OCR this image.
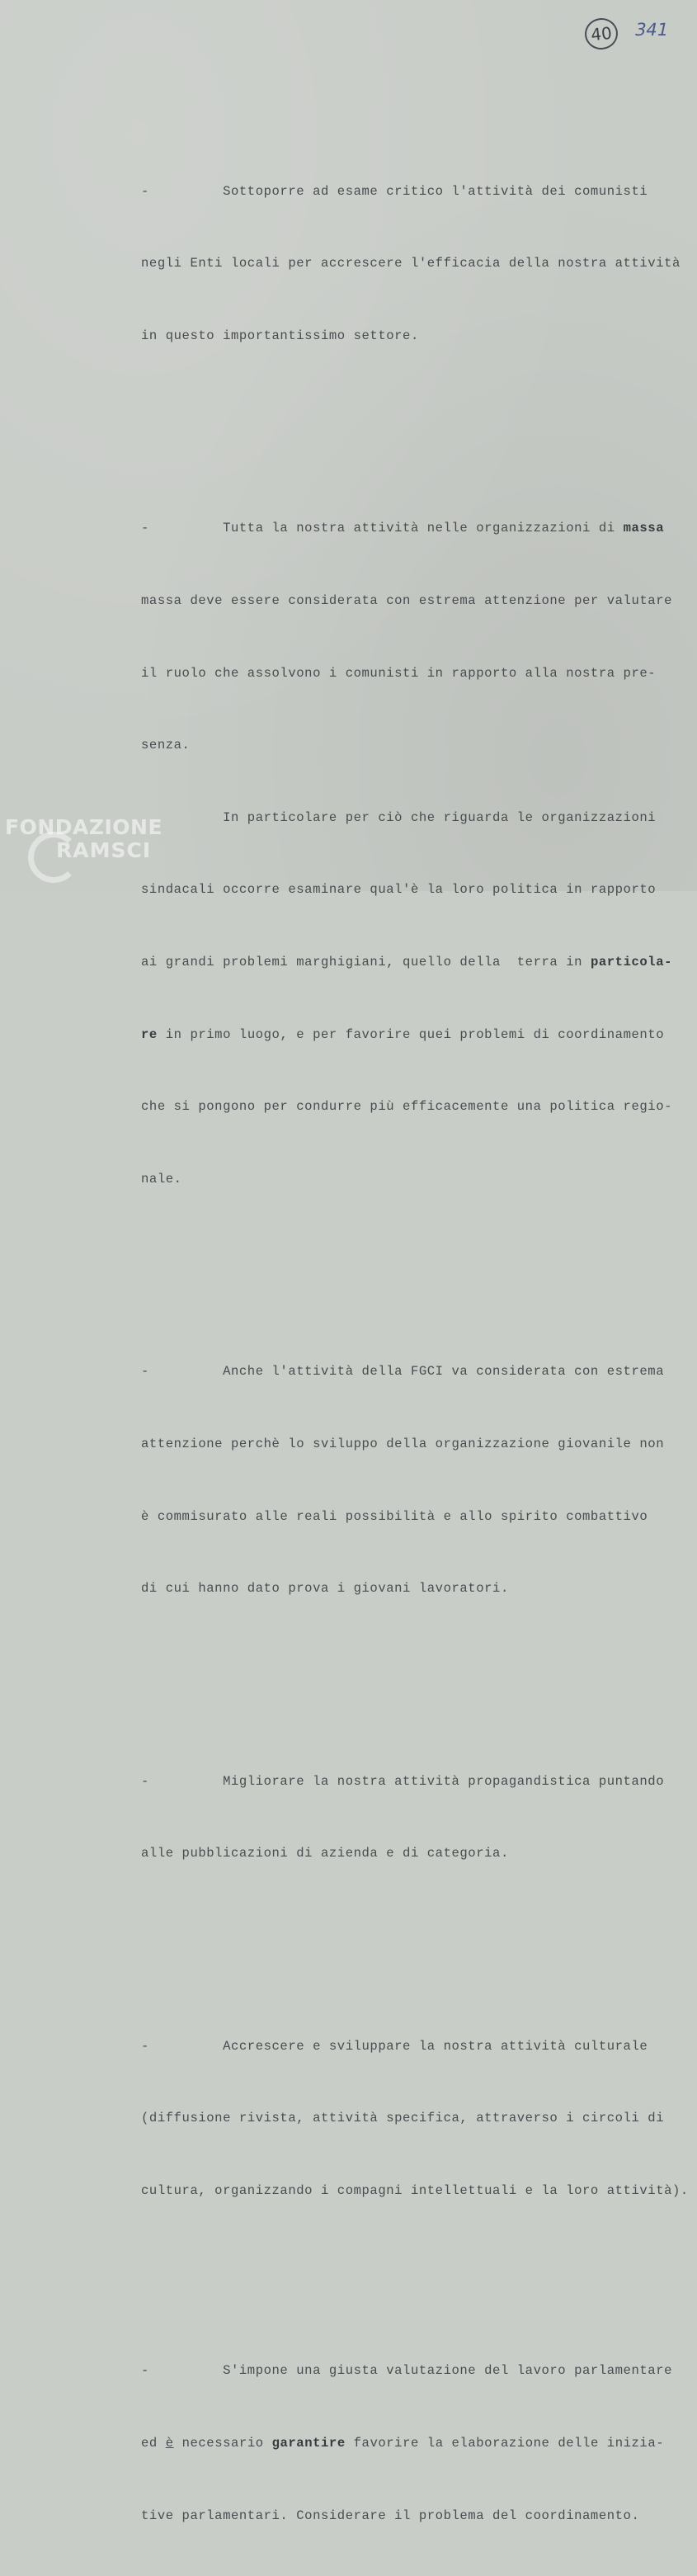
40 341

-         Sottoporre ad esame critico l'attività dei comunisti

negli Enti locali per accrescere l'efficacia della nostra attività

in questo importantissimo settore.

-         Tutta la nostra attività nelle organizzazioni di massa

massa deve essere considerata con estrema attenzione per valutare

il ruolo che assolvono i comunisti in rapporto alla nostra pre-

senza.

In particolare per ciò che riguarda le organizzazioni

sindacali occorre esaminare qual'è la loro politica in rapporto

ai grandi problemi marghigiani, quello della  terra in particola-

re in primo luogo, e per favorire quei problemi di coordinamento

che si pongono per condurre più efficacemente una politica regio-

nale.

-         Anche l'attività della FGCI va considerata con estrema

attenzione perchè lo sviluppo della organizzazione giovanile non

è commisurato alle reali possibilità e allo spirito combattivo

di cui hanno dato prova i giovani lavoratori.

-         Migliorare la nostra attività propagandistica puntando

alle pubblicazioni di azienda e di categoria.

-         Accrescere e sviluppare la nostra attività culturale

(diffusione rivista, attività specifica, attraverso i circoli di

cultura, organizzando i compagni intellettuali e la loro attività).

-         S'impone una giusta valutazione del lavoro parlamentare

ed è necessario garantire favorire la elaborazione delle inizia-

tive parlamentari. Considerare il problema del coordinamento.

FONDAZIONE
RAMSCI
